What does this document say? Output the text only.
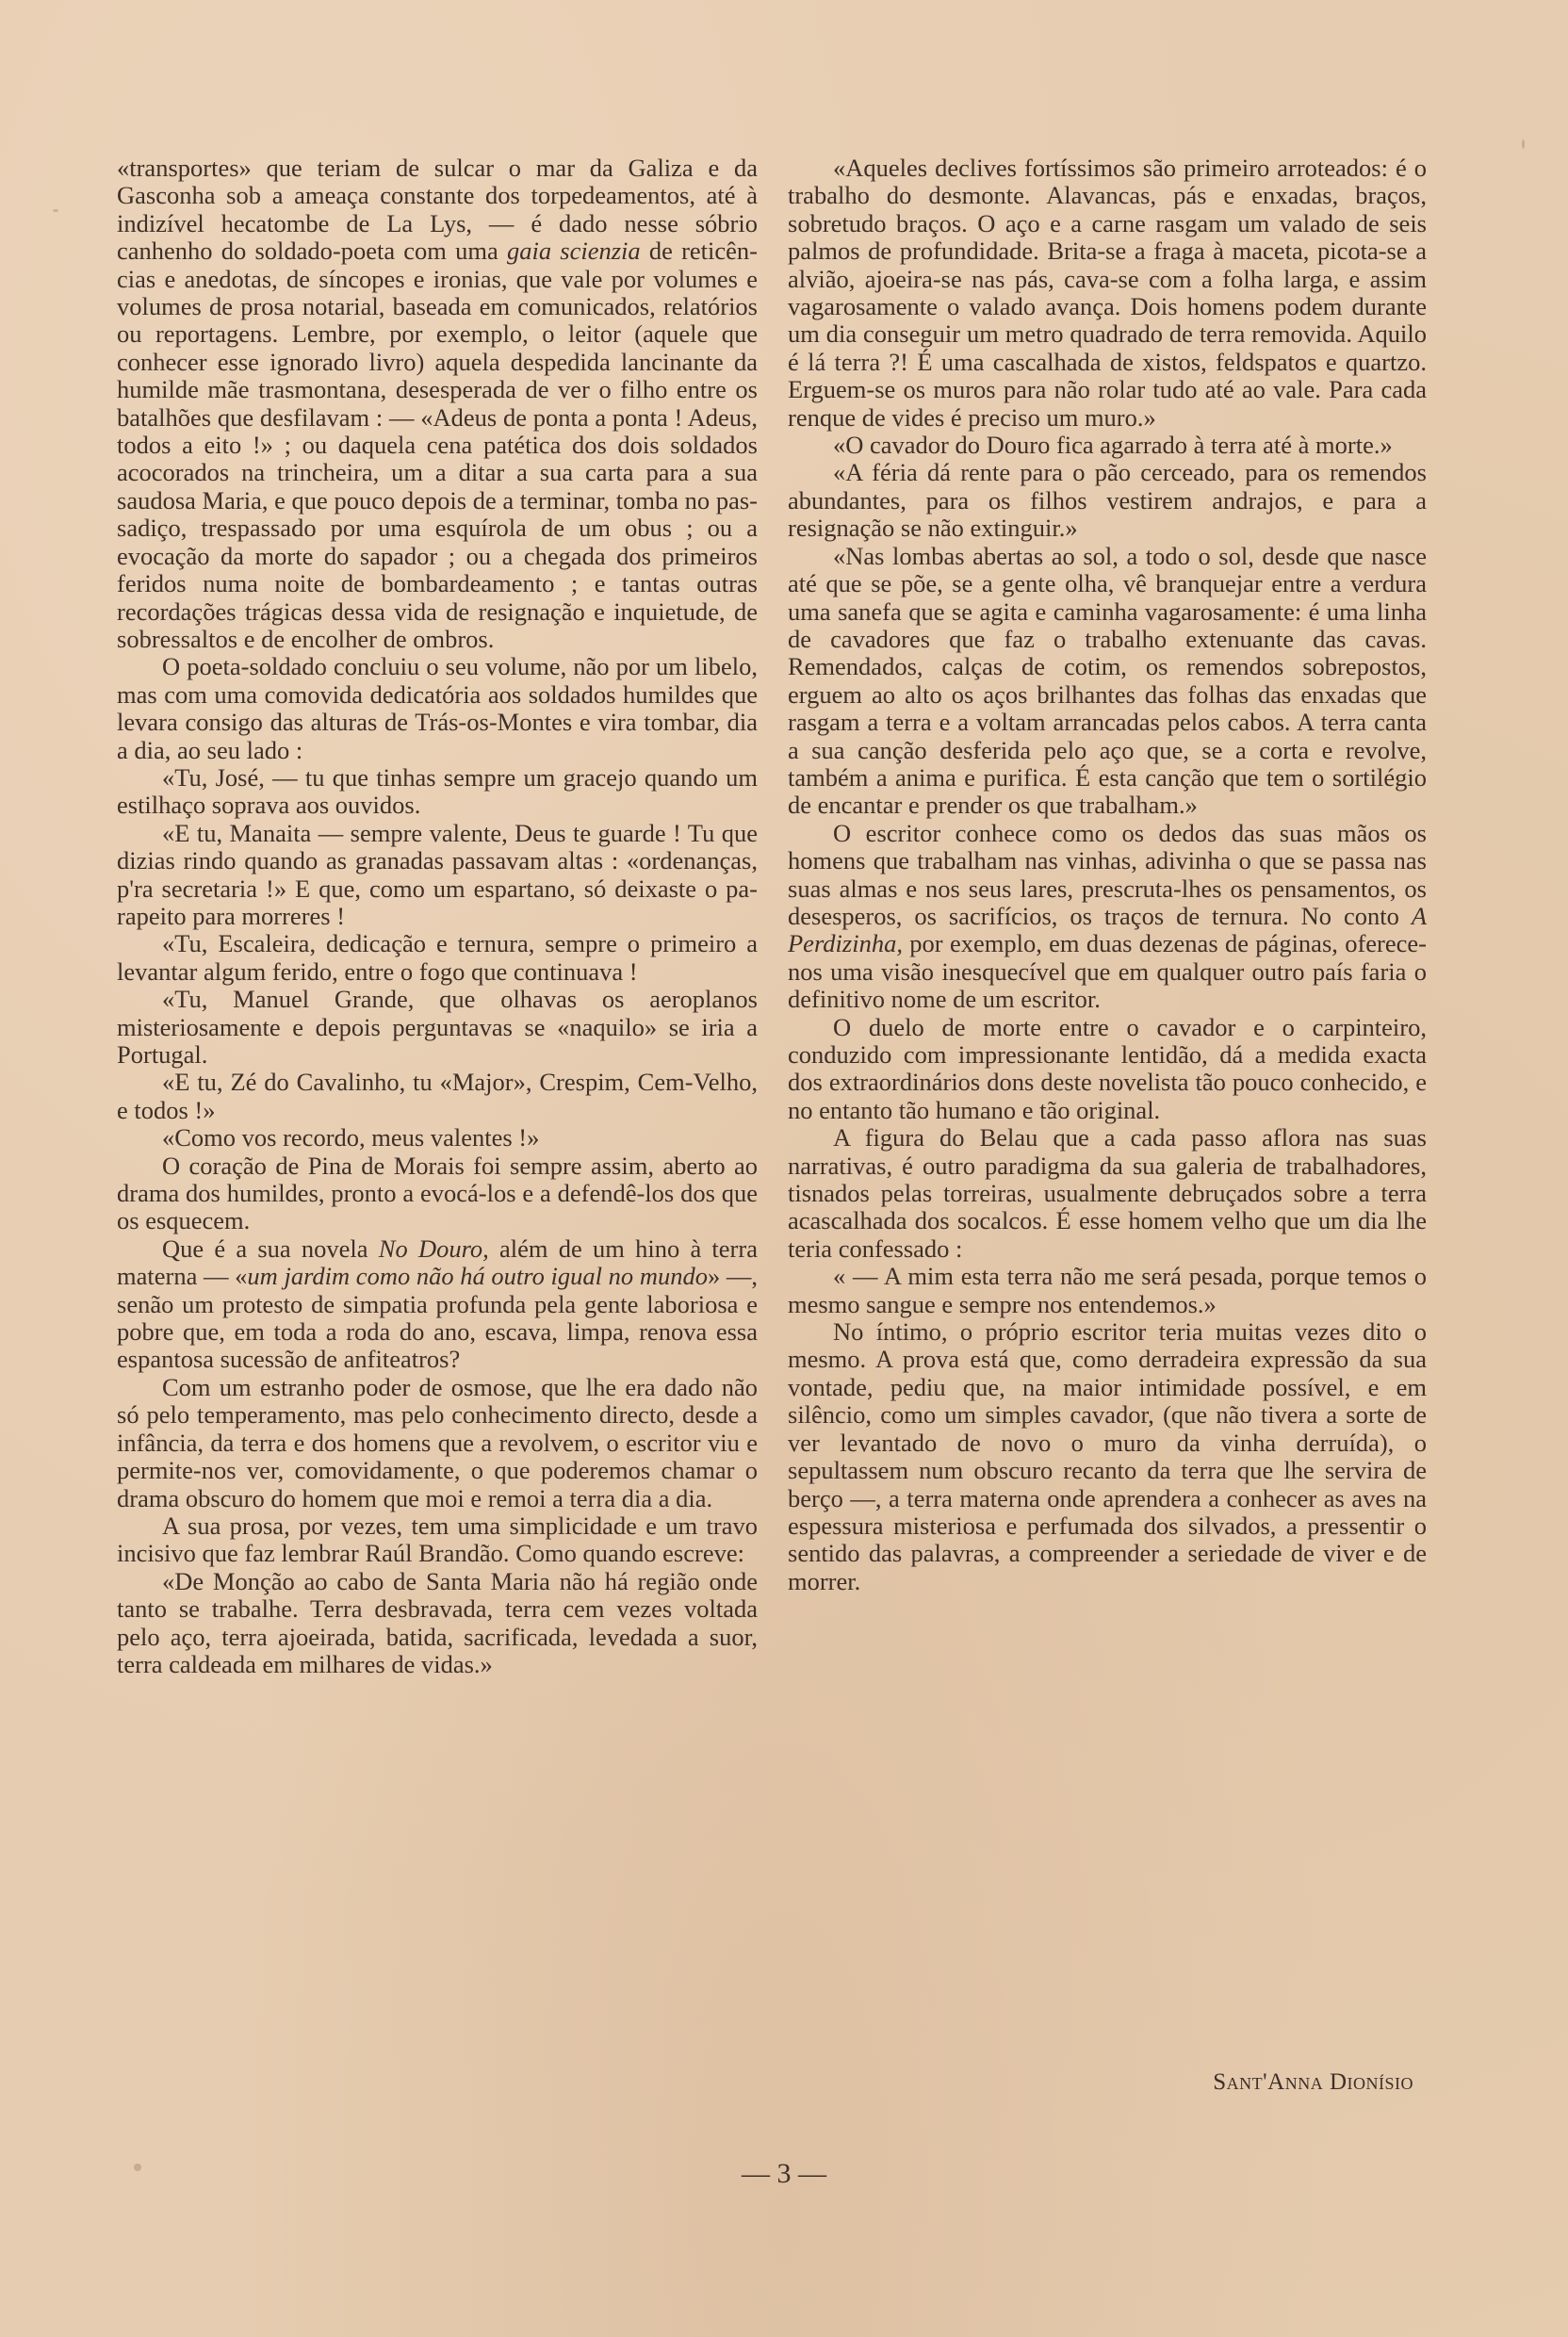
«transportes» que teriam de sulcar o mar da Galiza e da Gasconha sob a ameaça constante dos torpedeamentos, até à indizível hecatombe de La Lys, — é dado nesse sóbrio canhenho do soldado-poeta com uma gaia scienzia de reticências e anedotas, de síncopes e ironias, que vale por volumes e volumes de prosa notarial, baseada em comunicados, relatórios ou reportagens. Lembre, por exemplo, o leitor (aquele que conhecer esse ignorado livro) aquela despedida lancinante da humilde mãe trasmontana, desesperada de ver o filho entre os batalhões que desfilavam : — «Adeus de ponta a ponta ! Adeus, todos a eito !» ; ou daquela cena patética dos dois soldados acocorados na trincheira, um a ditar a sua carta para a sua saudosa Maria, e que pouco depois de a terminar, tomba no passadiço, trespassado por uma esquírola de um obus ; ou a evocação da morte do sapador ; ou a chegada dos primeiros feridos numa noite de bombardeamento ; e tantas outras recordações trágicas dessa vida de resignação e inquietude, de sobressaltos e de encolher de ombros.

O poeta-soldado concluiu o seu volume, não por um libelo, mas com uma comovida dedicatória aos soldados humildes que levara consigo das alturas de Trás-os-Montes e vira tombar, dia a dia, ao seu lado :

«Tu, José, — tu que tinhas sempre um gracejo quando um estilhaço soprava aos ouvidos.

«E tu, Manaita — sempre valente, Deus te guarde ! Tu que dizias rindo quando as granadas passavam altas : «ordenanças, p'ra secretaria !» E que, como um espartano, só deixaste o parapeito para morreres !

«Tu, Escaleira, dedicação e ternura, sempre o primeiro a levantar algum ferido, entre o fogo que continuava !

«Tu, Manuel Grande, que olhavas os aeroplanos misteriosamente e depois perguntavas se «naquilo» se iria a Portugal.

«E tu, Zé do Cavalinho, tu «Major», Crespim, Cem-Velho, e todos !»

«Como vos recordo, meus valentes !»

O coração de Pina de Morais foi sempre assim, aberto ao drama dos humildes, pronto a evocá-los e a defendê-los dos que os esquecem.

Que é a sua novela No Douro, além de um hino à terra materna — «um jardim como não há outro igual no mundo» —, senão um protesto de simpatia profunda pela gente laboriosa e pobre que, em toda a roda do ano, escava, limpa, renova essa espantosa sucessão de anfiteatros?

Com um estranho poder de osmose, que lhe era dado não só pelo temperamento, mas pelo conhecimento directo, desde a infância, da terra e dos homens que a revolvem, o escritor viu e permite-nos ver, comovidamente, o que poderemos chamar o drama obscuro do homem que moi e remoi a terra dia a dia.

A sua prosa, por vezes, tem uma simplicidade e um travo incisivo que faz lembrar Raúl Brandão. Como quando escreve:

«De Monção ao cabo de Santa Maria não há região onde tanto se trabalhe. Terra desbravada, terra cem vezes voltada pelo aço, terra ajoeirada, batida, sacrificada, levedada a suor, terra caldeada em milhares de vidas.»

«Aqueles declives fortíssimos são primeiro arroteados: é o trabalho do desmonte. Alavancas, pás e enxadas, braços, sobretudo braços. O aço e a carne rasgam um valado de seis palmos de profundidade. Brita-se a fraga à maceta, picota-se a alvião, ajoeira-se nas pás, cava-se com a folha larga, e assim vagarosamente o valado avança. Dois homens podem durante um dia conseguir um metro quadrado de terra removida. Aquilo é lá terra ?! É uma cascalhada de xistos, feldspatos e quartzo. Erguem-se os muros para não rolar tudo até ao vale. Para cada renque de vides é preciso um muro.»

«O cavador do Douro fica agarrado à terra até à morte.»

«A féria dá rente para o pão cerceado, para os remendos abundantes, para os filhos vestirem andrajos, e para a resignação se não extinguir.»

«Nas lombas abertas ao sol, a todo o sol, desde que nasce até que se põe, se a gente olha, vê branquejar entre a verdura uma sanefa que se agita e caminha vagarosamente: é uma linha de cavadores que faz o trabalho extenuante das cavas. Remendados, calças de cotim, os remendos sobrepostos, erguem ao alto os aços brilhantes das folhas das enxadas que rasgam a terra e a voltam arrancadas pelos cabos. A terra canta a sua canção desferida pelo aço que, se a corta e revolve, também a anima e purifica. É esta canção que tem o sortilégio de encantar e prender os que trabalham.»

O escritor conhece como os dedos das suas mãos os homens que trabalham nas vinhas, adivinha o que se passa nas suas almas e nos seus lares, prescruta-lhes os pensamentos, os desesperos, os sacrifícios, os traços de ternura. No conto A Perdizinha, por exemplo, em duas dezenas de páginas, oferece-nos uma visão inesquecível que em qualquer outro país faria o definitivo nome de um escritor.

O duelo de morte entre o cavador e o carpinteiro, conduzido com impressionante lentidão, dá a medida exacta dos extraordinários dons deste novelista tão pouco conhecido, e no entanto tão humano e tão original.

A figura do Belau que a cada passo aflora nas suas narrativas, é outro paradigma da sua galeria de trabalhadores, tisnados pelas torreiras, usualmente debruçados sobre a terra acascalhada dos socalcos. É esse homem velho que um dia lhe teria confessado :

« — A mim esta terra não me será pesada, porque temos o mesmo sangue e sempre nos entendemos.»

No íntimo, o próprio escritor teria muitas vezes dito o mesmo. A prova está que, como derradeira expressão da sua vontade, pediu que, na maior intimidade possível, e em silêncio, como um simples cavador, (que não tivera a sorte de ver levantado de novo o muro da vinha derruída), o sepultassem num obscuro recanto da terra que lhe servira de berço —, a terra materna onde aprendera a conhecer as aves na espessura misteriosa e perfumada dos silvados, a pressentir o sentido das palavras, a compreender a seriedade de viver e de morrer.

Sant'Anna Dionísio
— 3 —
